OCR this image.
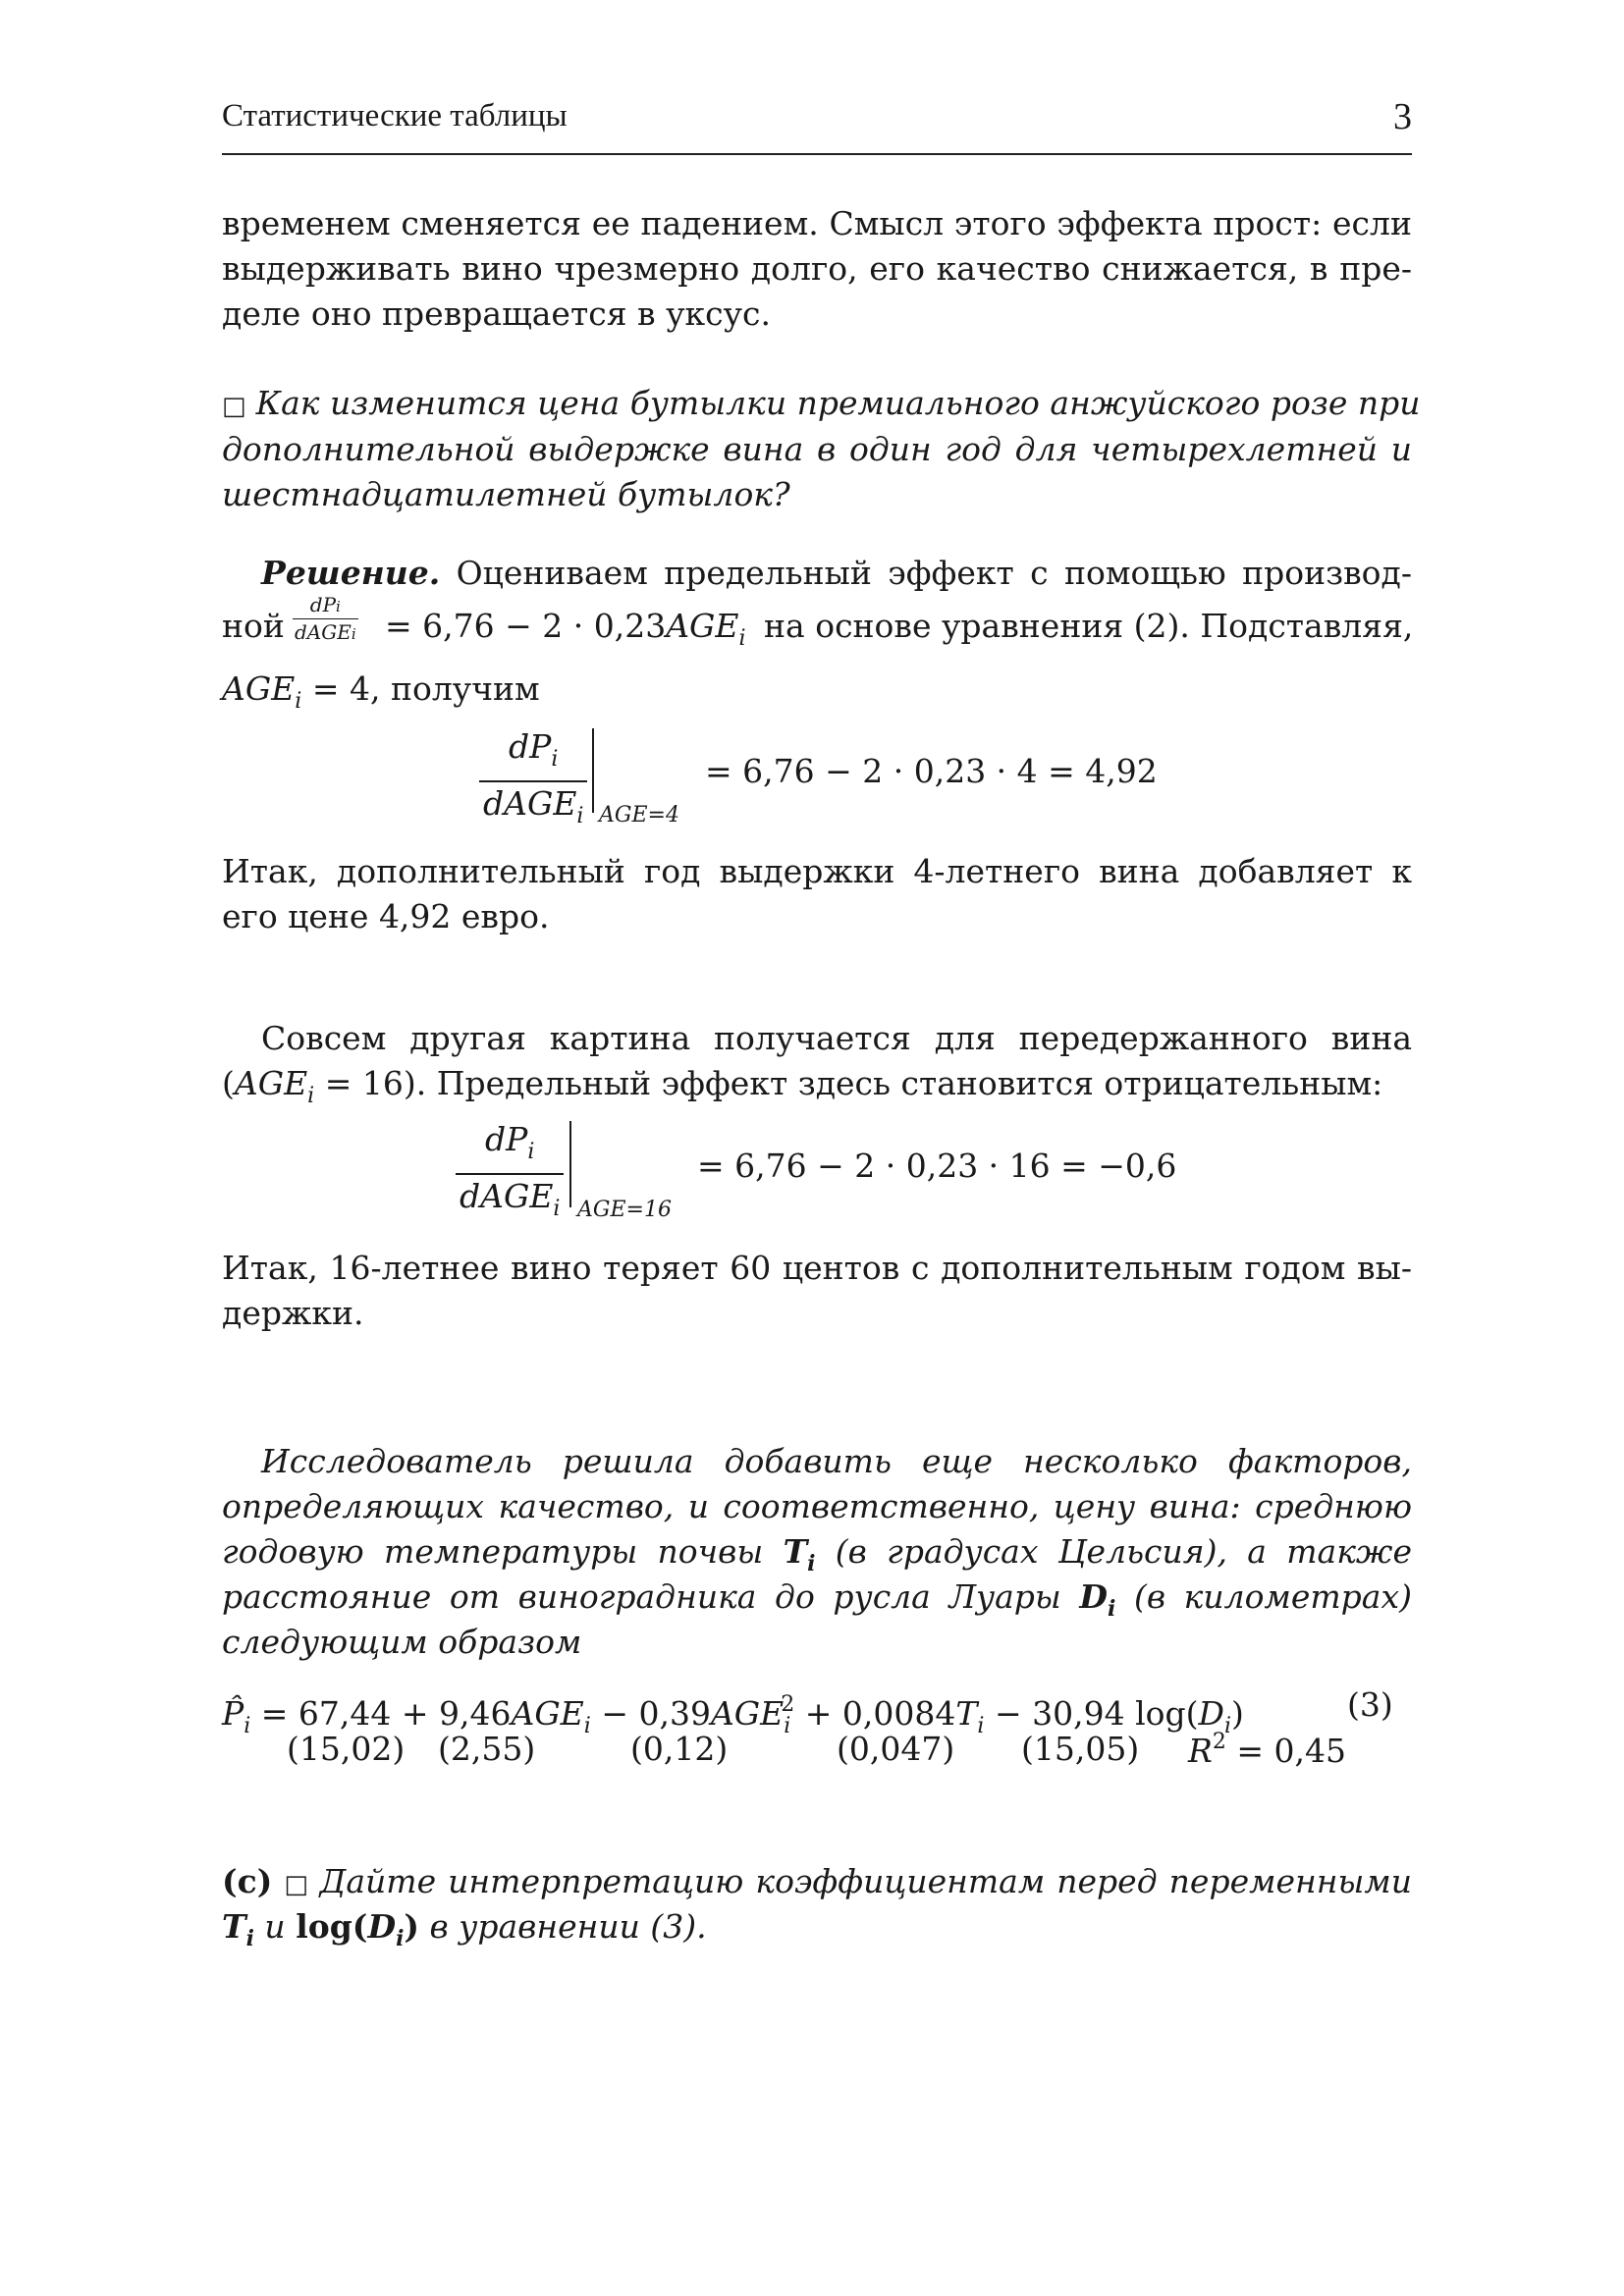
Статистические таблицы	3
временем сменяется ее падением. Смысл этого эффекта прост: если
выдерживать вино чрезмерно долго, его качество снижается, в пре-
деле оно превращается в уксус.
□ Как изменится цена бутылки премиального анжуйского розе при
дополнительной выдержке вина в один год для четырехлетней и
шестнадцатилетней бутылок?
Решение. Оцениваем предельный эффект с помощью производ-
ной
dPi
dAGEi = $6,76 - 2 \cdot 0,23AGE_i$ на основе уравнения (2). Подставляя,
$AGE_i = 4$, получим
$dP_i$
dAGE$_i$ AGE=4
= 6,76 − 2 · 0,23 · 4 = 4,92
Итак, дополнительный год выдержки 4-летнего вина добавляет к
его цене 4,92 евро.
Совсем другая картина получается для передержанного вина
$(AGE_i = 16)$. Предельный эффект здесь становится отрицательным:
$dP_i$
dAGE$_i$ AGE=16
= 6,76 − 2 · 0,23 · 16 = −0,6
Итак, 16-летнее вино теряет 60 центов с дополнительным годом вы-
держки.
Исследователь решила добавить еще несколько факторов,
определяющих качество, и соответственно, цену вина: среднюю
годовую температуры почвы $T_i$ (в градусах Цельсия), а также
расстояние от виноградника до русла Луары $D_i$ (в километрах)
следующим образом
$P̂_i = 67,44 + 9,46AGE_i - 0,39AGE_i^2 + 0,0084T_i - 30,94$ $\log(D_i)$	(3)
(15,02) (2,55)	(0,12)	(0,047) (15,05) $R^2 = 0,45$
(c) □ Дайте интерпретацию коэффициентам перед переменными
$T_i$ и $\log(D_i)$ в уравнении (3).
